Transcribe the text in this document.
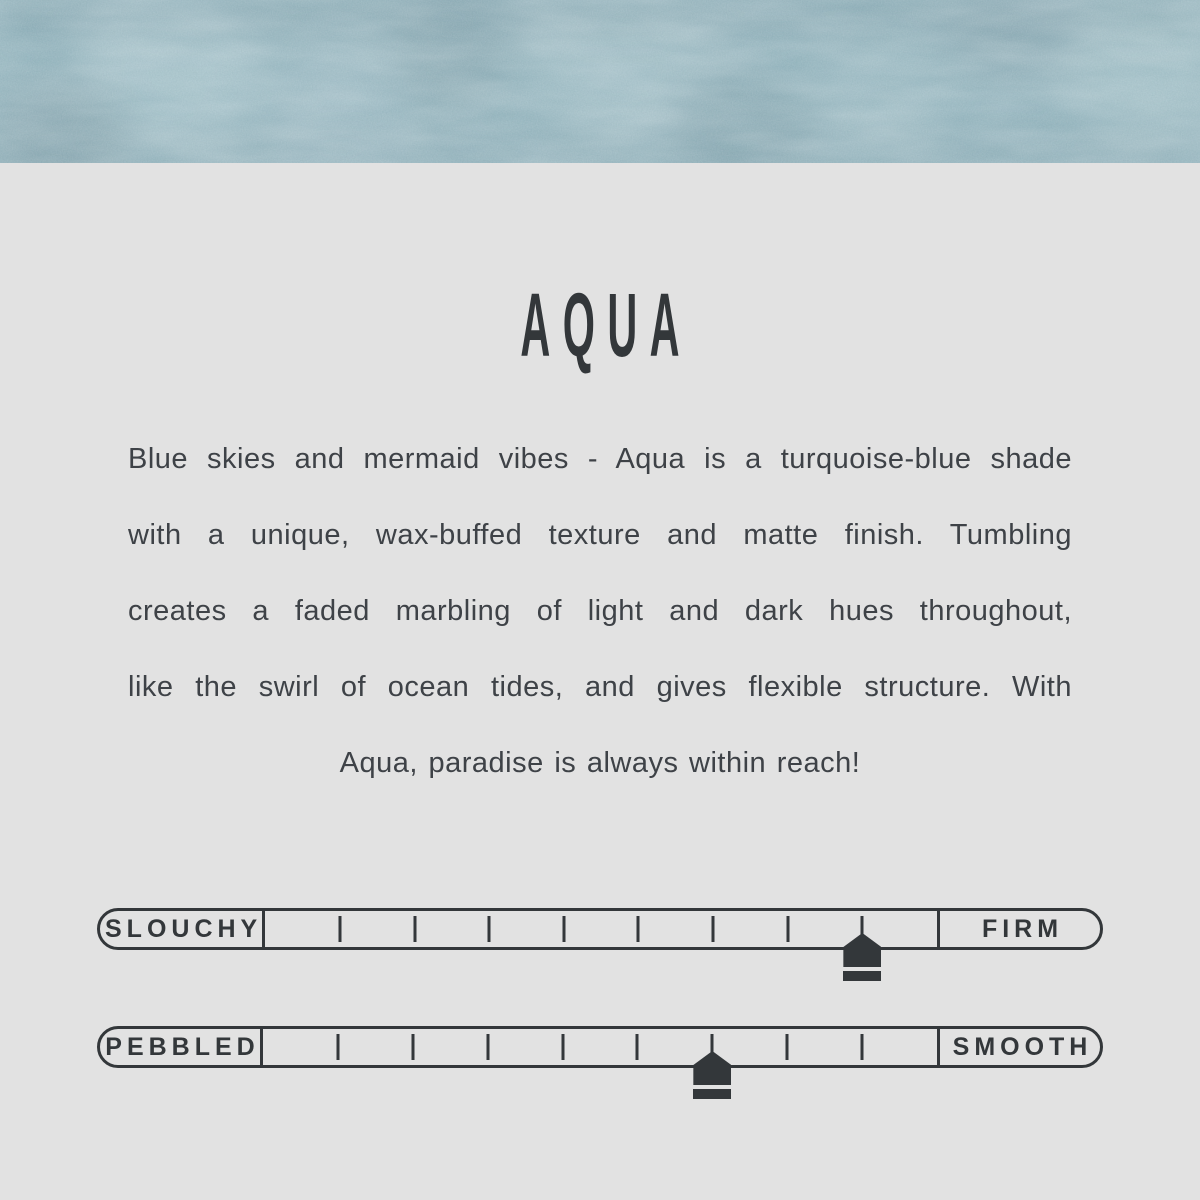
AQUA
Blue skies and mermaid vibes - Aqua is a turquoise-blue shade
with a unique, wax-buffed texture and matte finish. Tumbling
creates a faded marbling of light and dark hues throughout,
like the swirl of ocean tides, and gives flexible structure. With
Aqua, paradise is always within reach!
SLOUCHY	FIRM
PEBBLED	SMOOTH
